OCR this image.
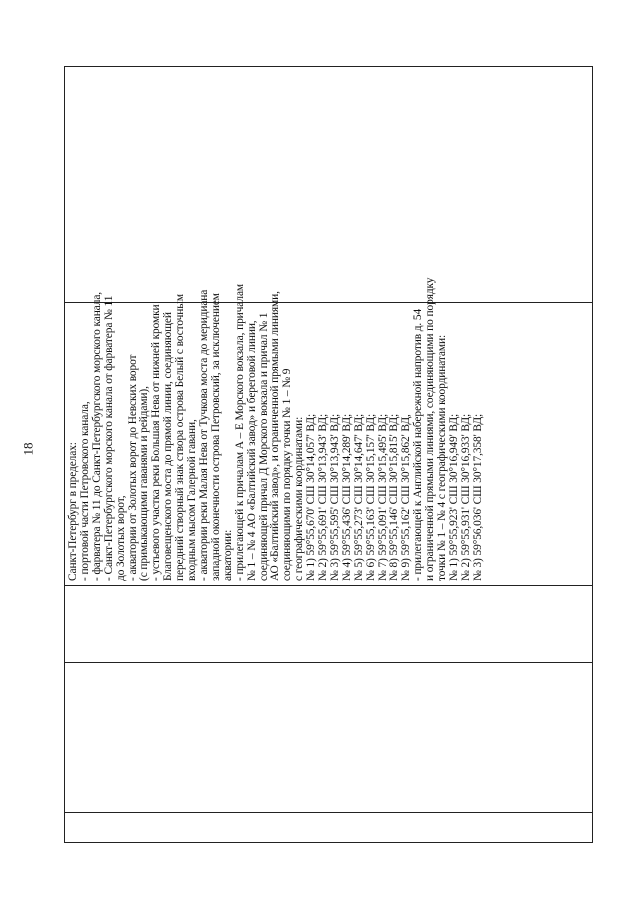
18
				Санкт-Петербург в пределах: - портовой части Петровского канала, - фарватера № 11 до Санкт-Петербургского морского канала, - Санкт-Петербургского морского канала от фарватера № 11 до Золотых ворот, - акватории от Золотых ворот до Невских ворот (с примыкающими гаванями и рейдами), - устьевого участка реки Большая Нева от нижней кромки Благовещенского моста до прямой линии, соединяющей передний створный знак створа острова Белый с восточным входным мысом Галерной гавани, - акватории реки Малая Нева от Тучкова моста до меридиана западной оконечности острова Петровский, за исключением акватории: - прилегающей к причалам А – Е Морского вокзала, причалам № 1 – № 4 АО «Балтийский завод» и береговой линии, соединяющей причал Д Морского вокзала и причал № 1 АО «Балтийский завод», и ограниченной прямыми линиями, соединяющими по порядку точки № 1 – № 9 с географическими координатами: № 1) 59°55,670' СШ 30°14,057' ВД; № 2) 59°55,691' СШ 30°13,943' ВД; № 3) 59°55,595' СШ 30°13,943' ВД; № 4) 59°55,436' СШ 30°14,289' ВД; № 5) 59°55,273' СШ 30°14,647' ВД; № 6) 59°55,163' СШ 30°15,157' ВД; № 7) 59°55,091' СШ 30°15,495' ВД; № 8) 59°55,146' СШ 30°15,815' ВД; № 9) 59°55,162' СШ 30°15,862' ВД, - прилегающей к Английской набережной напротив д. 54 и ограниченной прямыми линиями, соединяющими по порядку точки № 1 – № 4 с географическими координатами: № 1) 59°55,923' СШ 30°16,949' ВД; № 2) 59°55,931' СШ 30°16,933' ВД; № 3) 59°56,036' СШ 30°17,358' ВД;
